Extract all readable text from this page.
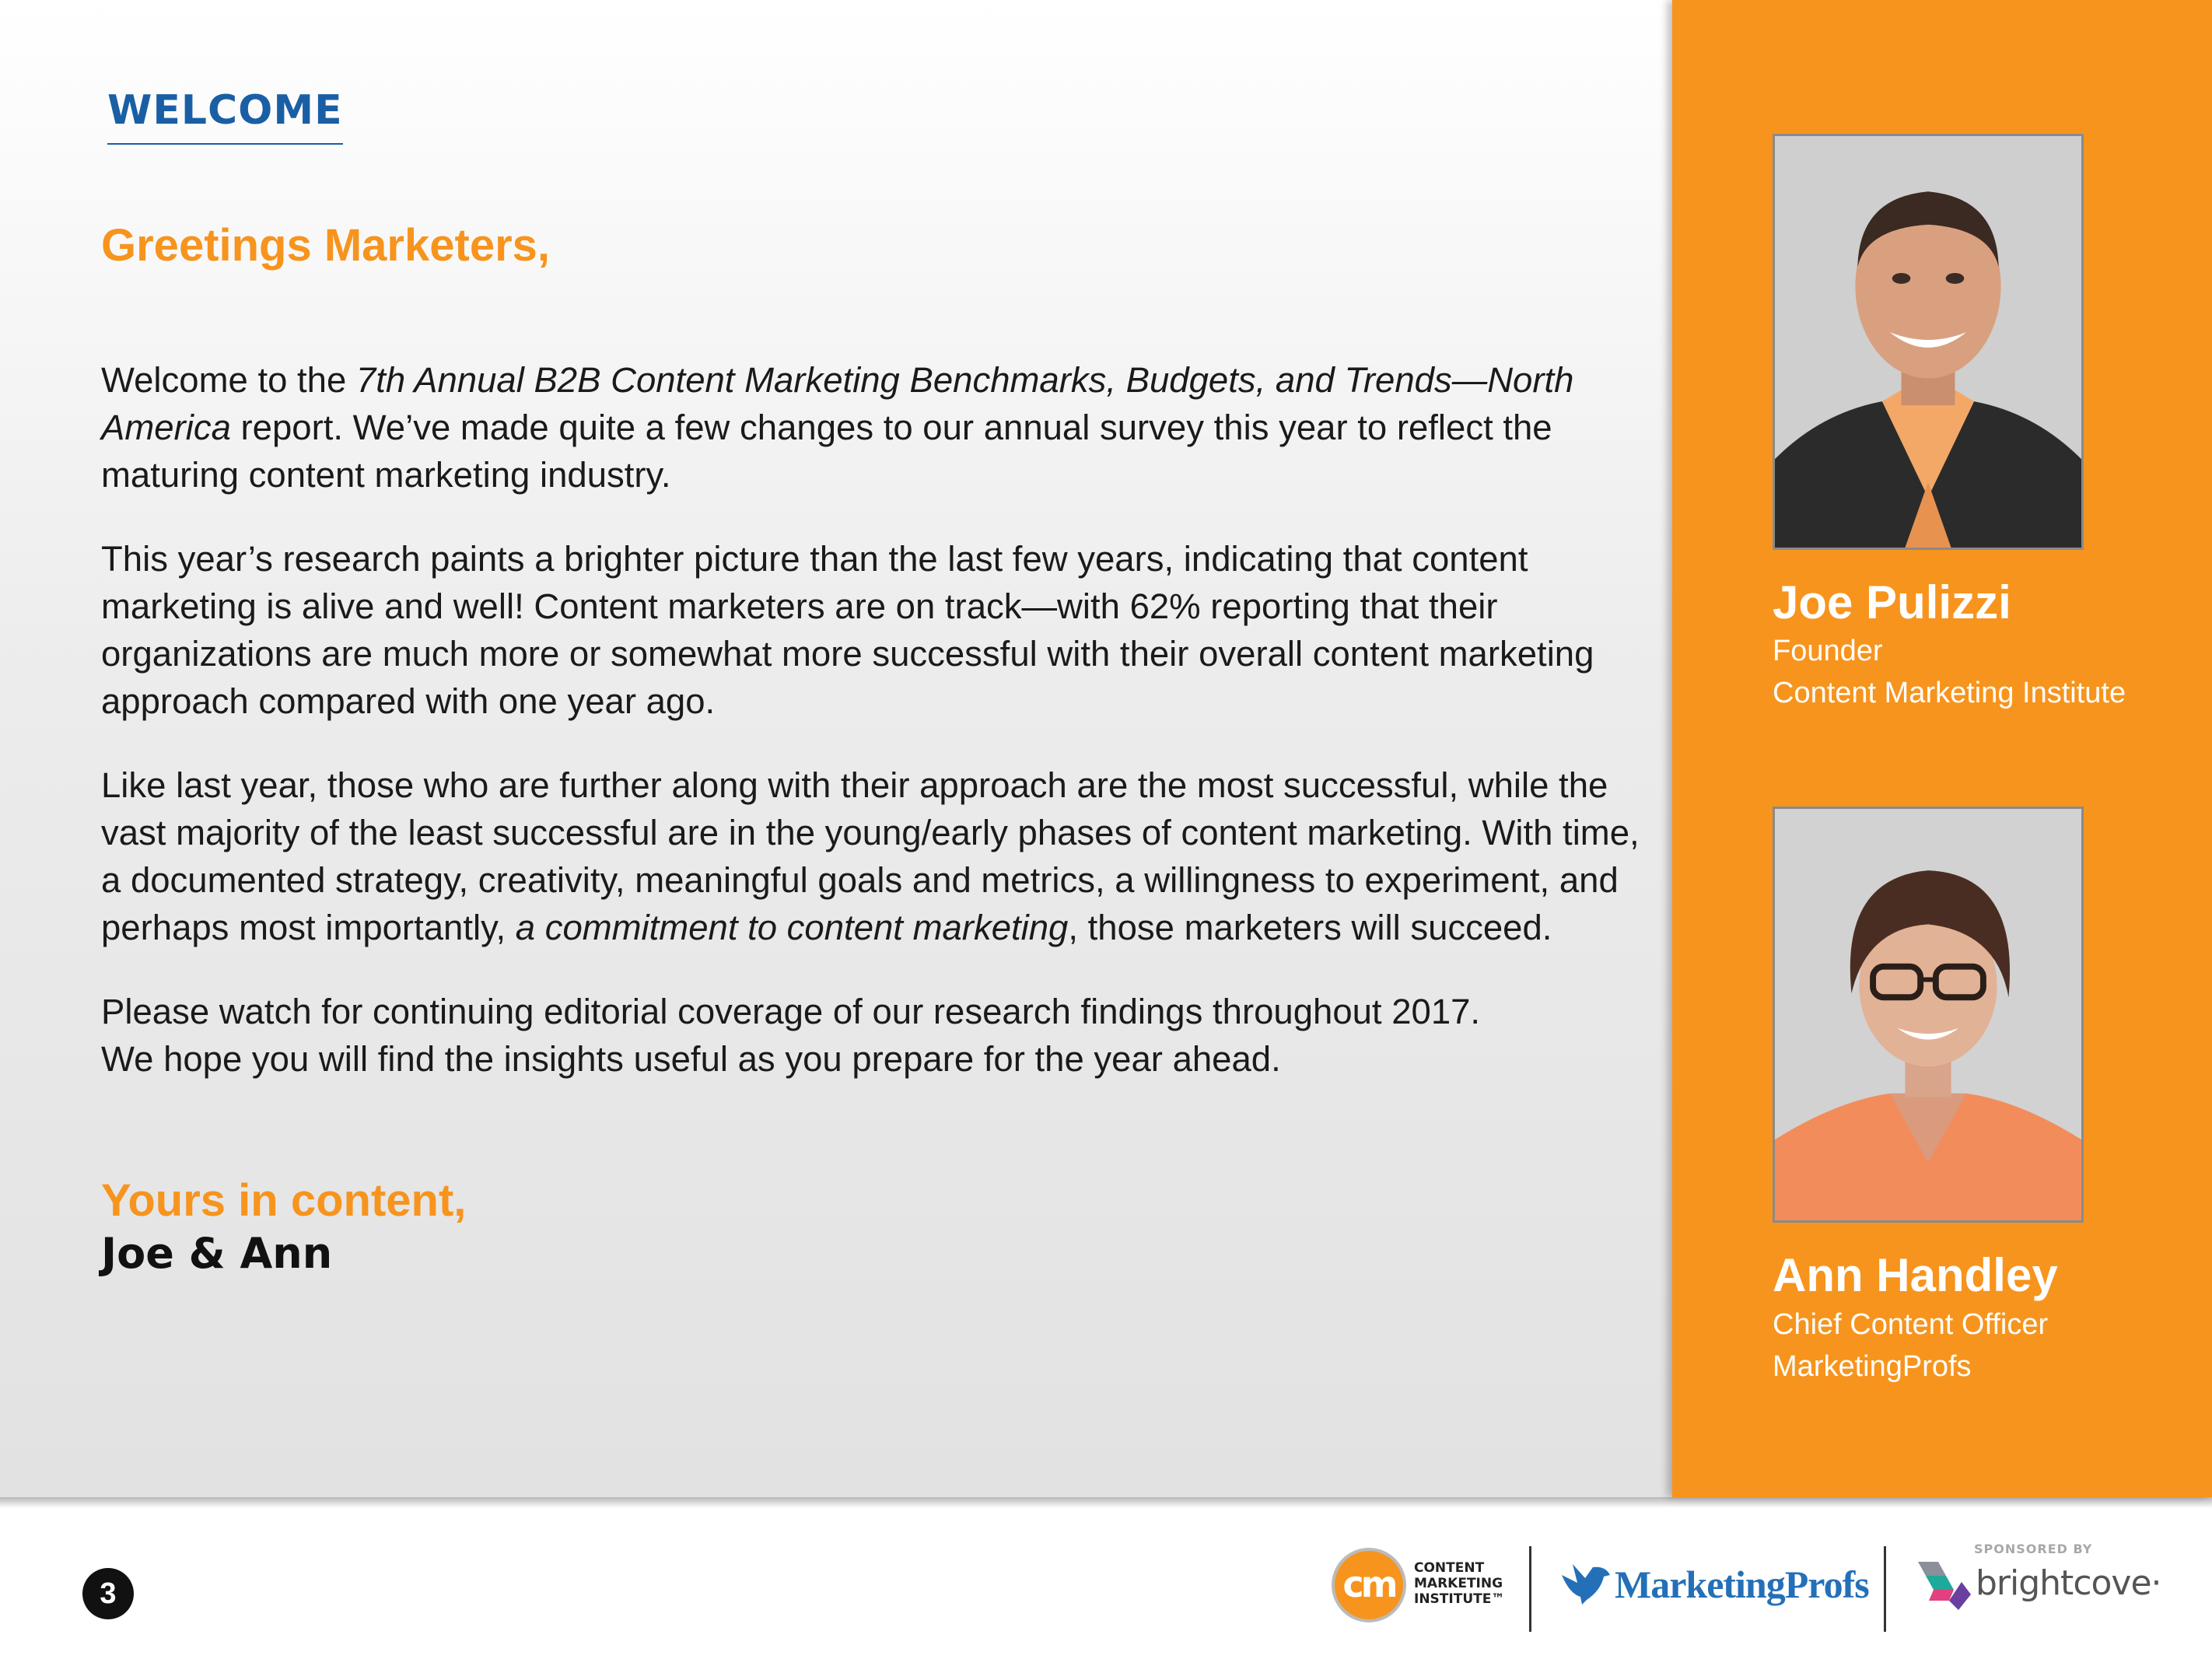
WELCOME
Greetings Marketers,

Welcome to the 7th Annual B2B Content Marketing Benchmarks, Budgets, and Trends—North America report. We’ve made quite a few changes to our annual survey this year to reflect the maturing content marketing industry.

This year’s research paints a brighter picture than the last few years, indicating that content marketing is alive and well! Content marketers are on track—with 62% reporting that their organizations are much more or somewhat more successful with their overall content marketing approach compared with one year ago.

Like last year, those who are further along with their approach are the most successful, while the vast majority of the least successful are in the young/early phases of content marketing. With time, a documented strategy, creativity, meaningful goals and metrics, a willingness to experiment, and perhaps most importantly, a commitment to content marketing, those marketers will succeed.

Please watch for continuing editorial coverage of our research findings throughout 2017.
We hope you will find the insights useful as you prepare for the year ahead.

Yours in content,
Joe & Ann
Joe Pulizzi
Founder
Content Marketing Institute
Ann Handley
Chief Content Officer
MarketingProfs
3	cm	CONTENT
MARKETING
INSTITUTE™	MarketingProfs
SPONSORED BY
brightcove·
